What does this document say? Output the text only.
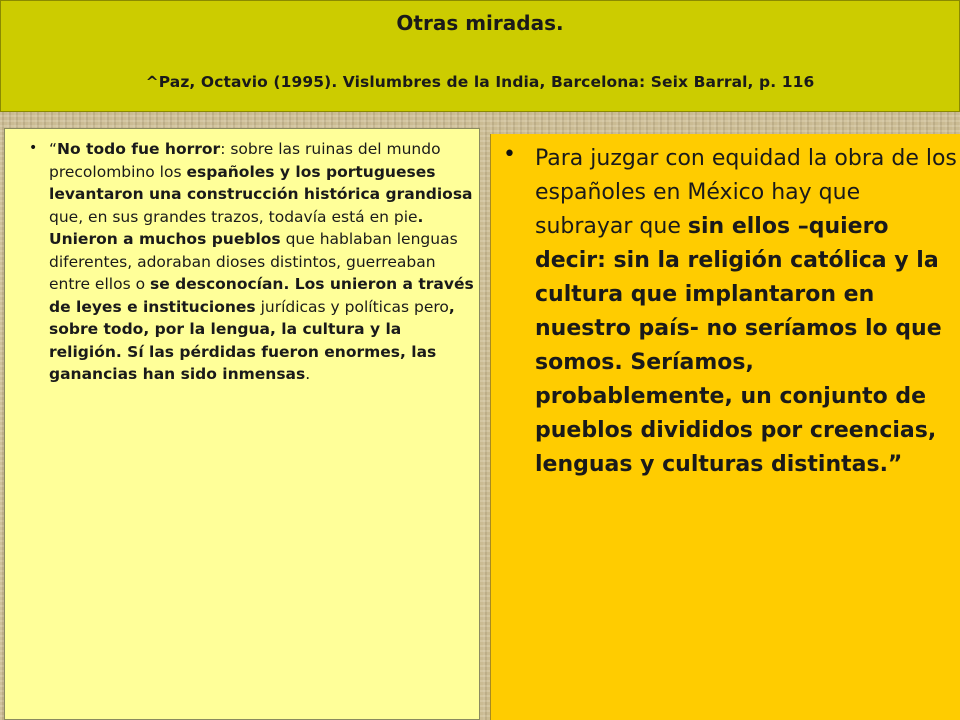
Otras miradas.
^Paz, Octavio (1995). Vislumbres de la India, Barcelona: Seix Barral, p. 116
• “No todo fue horror: sobre las ruinas del mundo precolombino los españoles y los portugueses levantaron una construcción histórica grandiosa que, en sus grandes trazos, todavía está en pie. Unieron a muchos pueblos que hablaban lenguas diferentes, adoraban dioses distintos, guerreaban entre ellos o se desconocían. Los unieron a través de leyes e instituciones jurídicas y políticas pero, sobre todo, por la lengua, la cultura y la religión. Sí las pérdidas fueron enormes, las ganancias han sido inmensas.
• Para juzgar con equidad la obra de los españoles en México hay que subrayar que sin ellos –quiero decir: sin la religión católica y la cultura que implantaron en nuestro país- no seríamos lo que somos. Seríamos, probablemente, un conjunto de pueblos divididos por creencias, lenguas y culturas distintas.”
